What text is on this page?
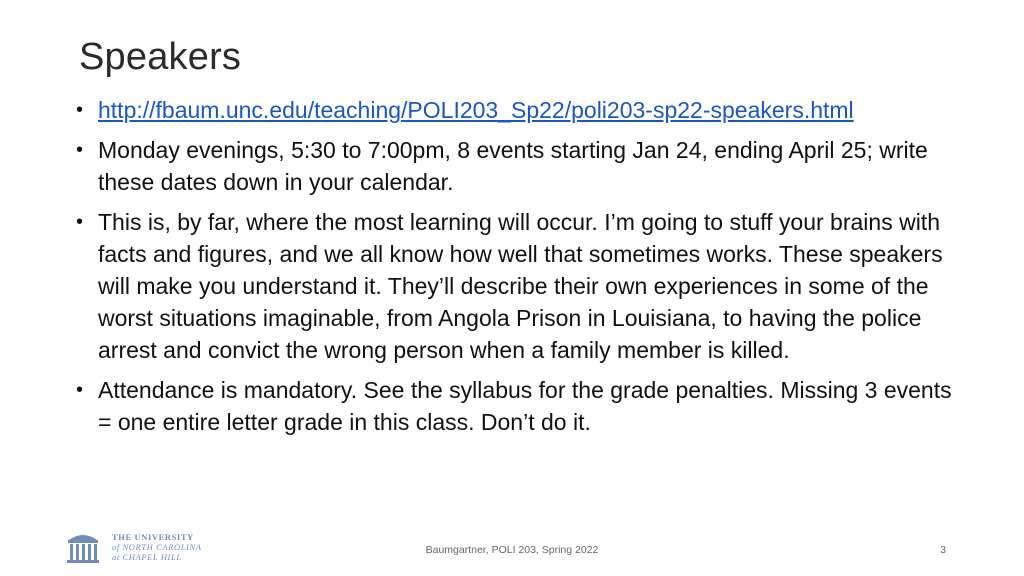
Speakers
• http://fbaum.unc.edu/teaching/POLI203_Sp22/poli203-sp22-speakers.html
• Monday evenings, 5:30 to 7:00pm, 8 events starting Jan 24, ending April 25; write these dates down in your calendar.
• This is, by far, where the most learning will occur. I’m going to stuff your brains with facts and figures, and we all know how well that sometimes works. These speakers will make you understand it. They’ll describe their own experiences in some of the worst situations imaginable, from Angola Prison in Louisiana, to having the police arrest and convict the wrong person when a family member is killed.
• Attendance is mandatory. See the syllabus for the grade penalties. Missing 3 events = one entire letter grade in this class. Don’t do it.
THE UNIVERSITY
of NORTH CAROLINA
at CHAPEL HILL
Baumgartner, POLI 203, Spring 2022	3
